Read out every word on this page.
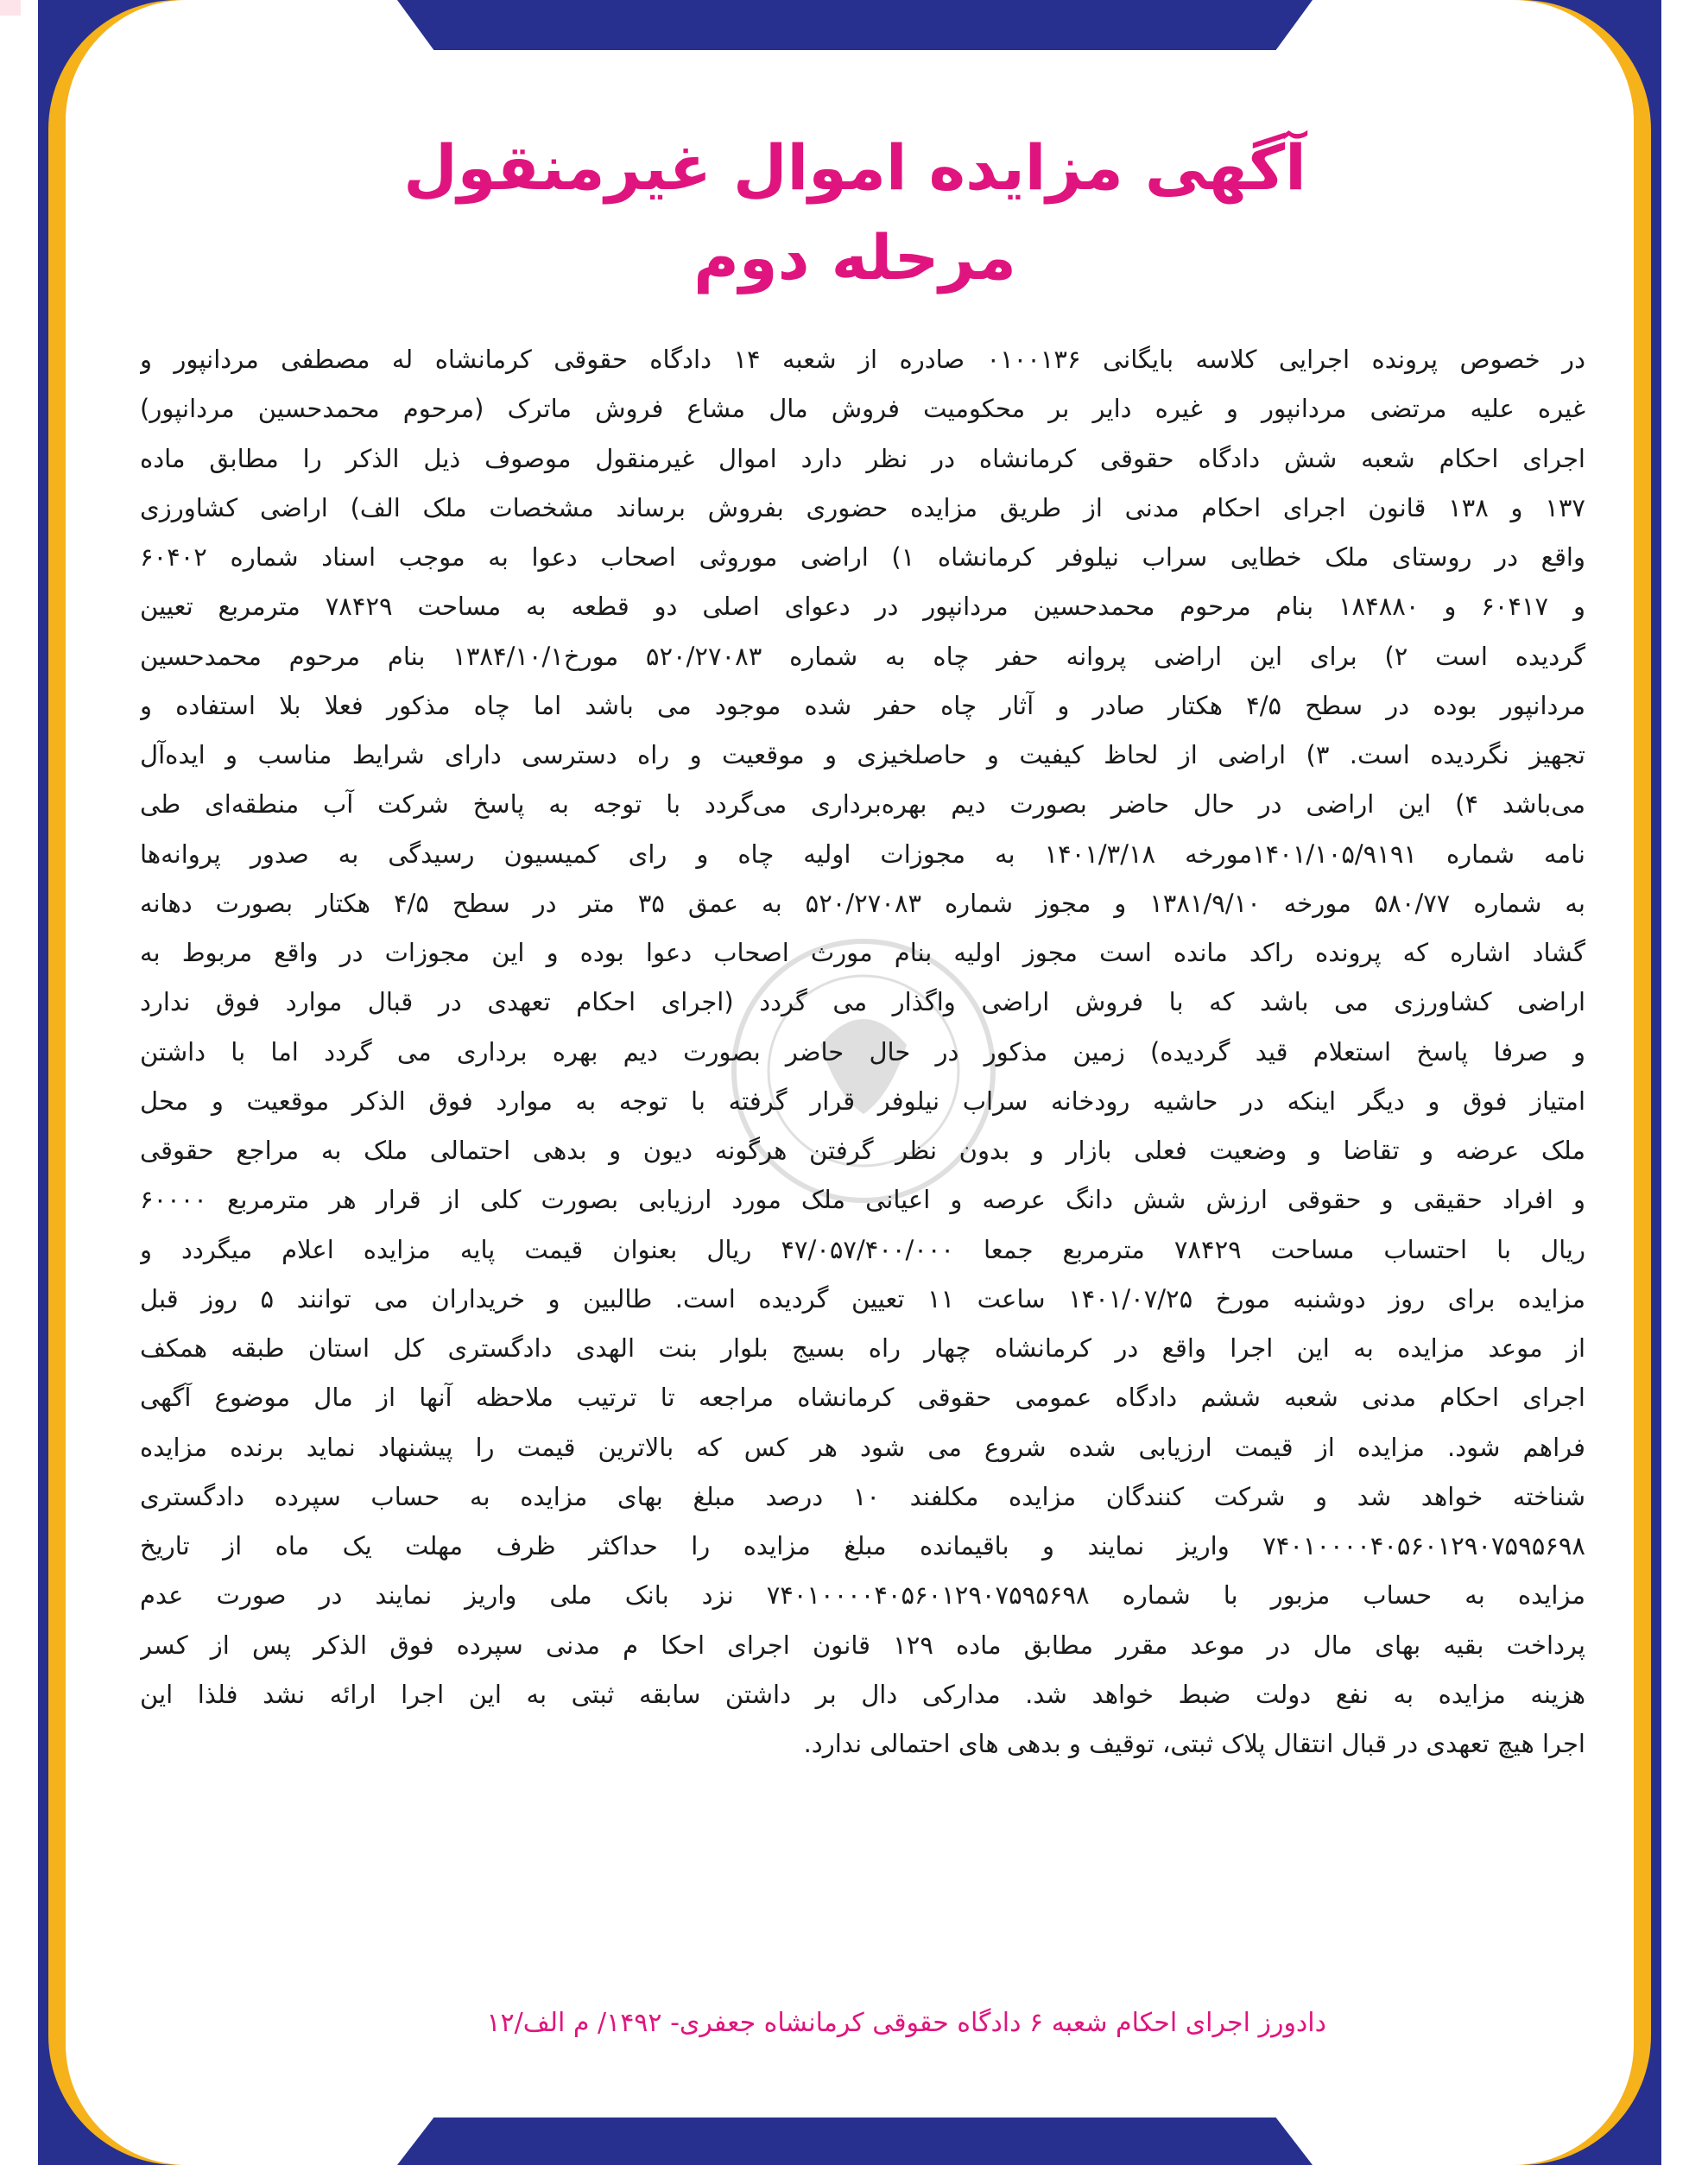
آگهی مزایده اموال غیرمنقول
مرحله دوم
در خصوص پرونده اجرایی کلاسه بایگانی ۰۱۰۰۱۳۶ صادره از شعبه ۱۴ دادگاه حقوقی کرمانشاه له مصطفی مردانپور و
غیره علیه مرتضی مردانپور و غیره دایر بر محکومیت فروش مال مشاع فروش ماترک (مرحوم محمدحسین مردانپور)
اجرای احکام شعبه شش دادگاه حقوقی کرمانشاه در نظر دارد اموال غیرمنقول موصوف ذیل الذکر را مطابق ماده
۱۳۷ و ۱۳۸ قانون اجرای احکام مدنی از طریق مزایده حضوری بفروش برساند مشخصات ملک الف) اراضی کشاورزی
واقع در روستای ملک خطایی سراب نیلوفر کرمانشاه ۱) اراضی موروثی اصحاب دعوا به موجب اسناد شماره ۶۰۴۰۲
و ۶۰۴۱۷ و ۱۸۴۸۸۰ بنام مرحوم محمدحسین مردانپور در دعوای اصلی دو قطعه به مساحت ۷۸۴۲۹ مترمربع تعیین
گردیده است ۲) برای این اراضی پروانه حفر چاه به شماره ۵۲۰/۲۷۰۸۳ مورخ۱۳۸۴/۱۰/۱ بنام مرحوم محمدحسین
مردانپور بوده در سطح ۴/۵ هکتار صادر و آثار چاه حفر شده موجود می باشد اما چاه مذکور فعلا بلا استفاده و
تجهیز نگردیده است. ۳) اراضی از لحاظ کیفیت و حاصلخیزی و موقعیت و راه دسترسی دارای شرایط مناسب و ایده‌آل
می‌باشد ۴) این اراضی در حال حاضر بصورت دیم بهره‌برداری می‌گردد با توجه به پاسخ شرکت آب منطقه‌ای طی
نامه شماره ۱۴۰۱/۱۰۵/۹۱۹۱مورخه ۱۴۰۱/۳/۱۸ به مجوزات اولیه چاه و رای کمیسیون رسیدگی به صدور پروانه‌ها
به شماره ۵۸۰/۷۷ مورخه ۱۳۸۱/۹/۱۰ و مجوز شماره ۵۲۰/۲۷۰۸۳ به عمق ۳۵ متر در سطح ۴/۵ هکتار بصورت دهانه
گشاد اشاره که پرونده راکد مانده است مجوز اولیه بنام مورث اصحاب دعوا بوده و این مجوزات در واقع مربوط به
اراضی کشاورزی می باشد که با فروش اراضی واگذار می گردد (اجرای احکام تعهدی در قبال موارد فوق ندارد
و صرفا پاسخ استعلام قید گردیده) زمین مذکور در حال حاضر بصورت دیم بهره برداری می گردد اما با داشتن
امتیاز فوق و دیگر اینکه در حاشیه رودخانه سراب نیلوفر قرار گرفته با توجه به موارد فوق الذکر موقعیت و محل
ملک عرضه و تقاضا و وضعیت فعلی بازار و بدون نظر گرفتن هرگونه دیون و بدهی احتمالی ملک به مراجع حقوقی
و افراد حقیقی و حقوقی ارزش شش دانگ عرصه و اعیانی ملک مورد ارزیابی بصورت کلی از قرار هر مترمربع ۶۰۰۰۰
ریال با احتساب مساحت ۷۸۴۲۹ مترمربع جمعا ۴۷/۰۵۷/۴۰۰/۰۰۰ ریال بعنوان قیمت پایه مزایده اعلام میگردد و
مزایده برای روز دوشنبه مورخ ۱۴۰۱/۰۷/۲۵ ساعت ۱۱ تعیین گردیده است. طالبین و خریداران می توانند ۵ روز قبل
از موعد مزایده به این اجرا واقع در کرمانشاه چهار راه بسیج بلوار بنت الهدی دادگستری کل استان طبقه همکف
اجرای احکام مدنی شعبه ششم دادگاه عمومی حقوقی کرمانشاه مراجعه تا ترتیب ملاحظه آنها از مال موضوع آگهی
فراهم شود. مزایده از قیمت ارزیابی شده شروع می شود هر کس که بالاترین قیمت را پیشنهاد نماید برنده مزایده
شناخته خواهد شد و شرکت کنندگان مزایده مکلفند ۱۰ درصد مبلغ بهای مزایده به حساب سپرده دادگستری
۷۴۰۱۰۰۰۰۴۰۵۶۰۱۲۹۰۷۵۹۵۶۹۸ واریز نمایند و باقیمانده مبلغ مزایده را حداکثر ظرف مهلت یک ماه از تاریخ
مزایده به حساب مزبور با شماره ۷۴۰۱۰۰۰۰۴۰۵۶۰۱۲۹۰۷۵۹۵۶۹۸ نزد بانک ملی واریز نمایند در صورت عدم
پرداخت بقیه بهای مال در موعد مقرر مطابق ماده ۱۲۹ قانون اجرای احکا م مدنی سپرده فوق الذکر پس از کسر
هزینه مزایده به نفع دولت ضبط خواهد شد. مدارکی دال بر داشتن سابقه ثبتی به این اجرا ارائه نشد فلذا این
اجرا هیچ تعهدی در قبال انتقال پلاک ثبتی، توقیف و بدهی های احتمالی ندارد.
دادورز اجرای احکام شعبه ۶ دادگاه حقوقی کرمانشاه جعفری- ۱۴۹۲/ م الف/۱۲
